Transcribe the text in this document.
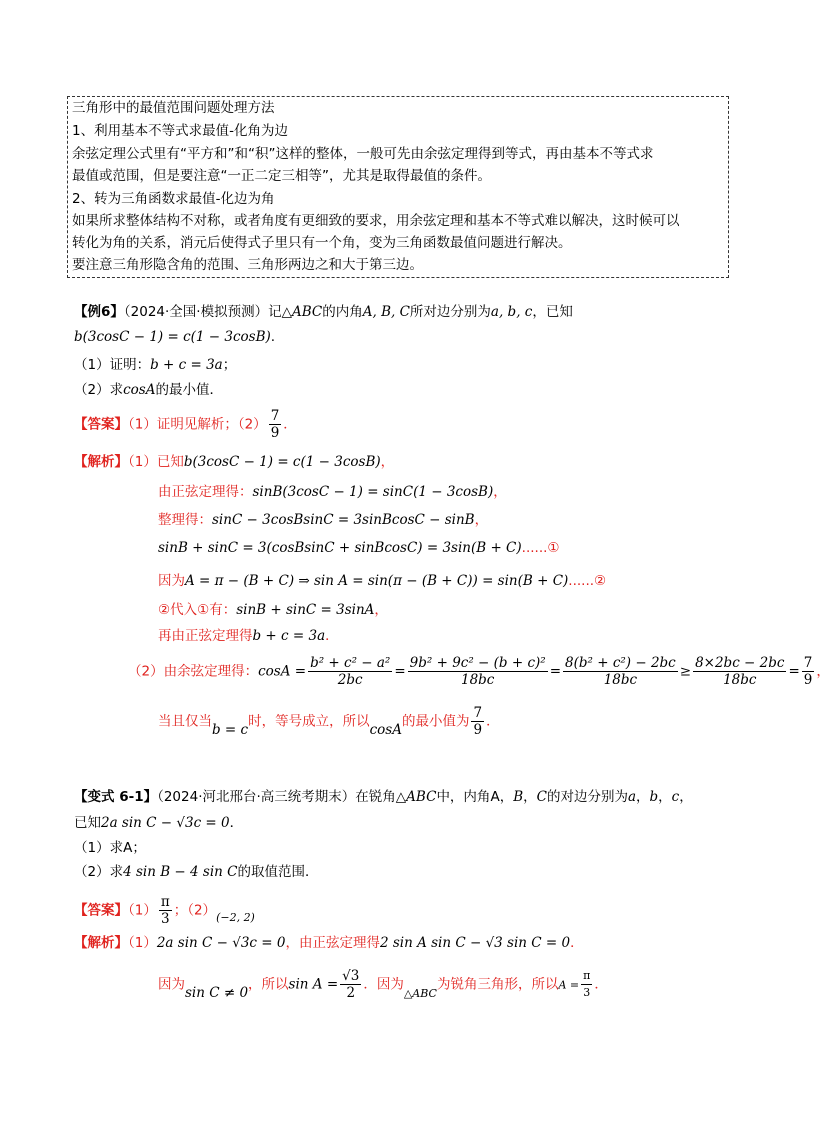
三角形中的最值范围问题处理方法
1、利用基本不等式求最值-化角为边
余弦定理公式里有“平方和”和“积”这样的整体，一般可先由余弦定理得到等式，再由基本不等式求
最值或范围，但是要注意“一正二定三相等”，尤其是取得最值的条件。
2、转为三角函数求最值-化边为角
如果所求整体结构不对称，或者角度有更细致的要求，用余弦定理和基本不等式难以解决，这时候可以
转化为角的关系，消元后使得式子里只有一个角，变为三角函数最值问题进行解决。
要注意三角形隐含角的范围、三角形两边之和大于第三边。
【例6】（2024·全国·模拟预测）记△ABC的内角A, B, C所对边分别为a, b, c，已知
b(3cosC − 1) = c(1 − 3cosB).
（1）证明：b + c = 3a；
（2）求cosA的最小值．
【答案】（1）证明见解析；$(2) \frac{7}{9}$ ．
【解析】（1）已知b(3cosC − 1) = c(1 − 3cosB)，
由正弦定理得：sinB(3cosC − 1) = sinC(1 − 3cosB)，
整理得：sinC − 3cosBsinC = 3sinBcosC − sinB，
sinB + sinC = 3(cosBsinC + sinBcosC) = 3sin(B + C)......①
因为A = π − (B + C) ⇒ sin A = sin(π − (B + C)) = sin(B + C)......②
②代入①有：sinB + sinC = 3sinA，
再由正弦定理得b + c = 3a．
（2）由余弦定理得：$\cos A = \frac{\text{b² + c² − a²}}{2bc} = \frac{\text{9b² + 9c² − (b + c)²}}{18bc} = \frac{\text{8(b² + c²) − 2bc}}{18bc} \ge \frac{8\times 2bc - 2bc}{18bc} = \frac{7}{9}$ ，
当且仅当b = c时，等号成立，所以cosA的最小值为 $\frac{7}{9}$ ．
【变式 6-1】（2024·河北邢台·高三统考期末）在锐角△ABC中，内角A，B，C的对边分别为a，b，c，
已知2a sin C − √3c = 0．
（1）求A；
（2）求4 sin B − 4 sin C的取值范围．
【答案】$(1) \frac{\pi}{3}$ ；$(2)_{(-2, 2)}$
【解析】（1）2a sin C − √3c = 0，由正弦定理得2 sin A sin C − √3 sin C = 0．
因为sin C ≠ 0，所以$\sin A = \frac{√3}{2}$ ．因为$_{\triangle ABC}$为锐角三角形，所以$A = \frac{\pi}{3}$ ．
